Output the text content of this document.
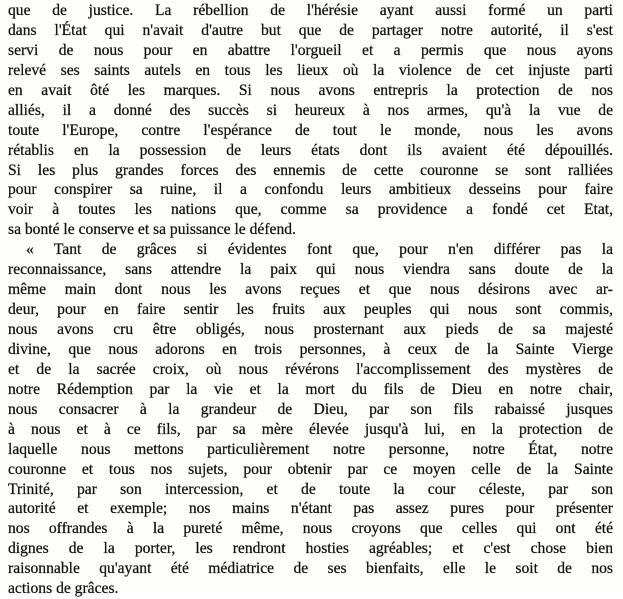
que de justice. La rébellion de l'hérésie ayant aussi formé un parti
dans l'État qui n'avait d'autre but que de partager notre autorité, il s'est
servi de nous pour en abattre l'orgueil et a permis que nous ayons
relevé ses saints autels en tous les lieux où la violence de cet injuste parti
en avait ôté les marques. Si nous avons entrepris la protection de nos
alliés, il a donné des succès si heureux à nos armes, qu'à la vue de
toute l'Europe, contre l'espérance de tout le monde, nous les avons
rétablis en la possession de leurs états dont ils avaient été dépouillés.
Si les plus grandes forces des ennemis de cette couronne se sont ralliées
pour conspirer sa ruine, il a confondu leurs ambitieux desseins pour faire
voir à toutes les nations que, comme sa providence a fondé cet Etat,
sa bonté le conserve et sa puissance le défend.
« Tant de grâces si évidentes font que, pour n'en différer pas la
reconnaissance, sans attendre la paix qui nous viendra sans doute de la
même main dont nous les avons reçues et que nous désirons avec ar-
deur, pour en faire sentir les fruits aux peuples qui nous sont commis,
nous avons cru être obligés, nous prosternant aux pieds de sa majesté
divine, que nous adorons en trois personnes, à ceux de la Sainte Vierge
et de la sacrée croix, où nous révérons l'accomplissement des mystères de
notre Rédemption par la vie et la mort du fils de Dieu en notre chair,
nous consacrer à la grandeur de Dieu, par son fils rabaissé jusques
à nous et à ce fils, par sa mère élevée jusqu'à lui, en la protection de
laquelle nous mettons particulièrement notre personne, notre État, notre
couronne et tous nos sujets, pour obtenir par ce moyen celle de la Sainte
Trinité, par son intercession, et de toute la cour céleste, par son
autorité et exemple; nos mains n'étant pas assez pures pour présenter
nos offrandes à la pureté même, nous croyons que celles qui ont été
dignes de la porter, les rendront hosties agréables; et c'est chose bien
raisonnable qu'ayant été médiatrice de ses bienfaits, elle le soit de nos
actions de grâces.
